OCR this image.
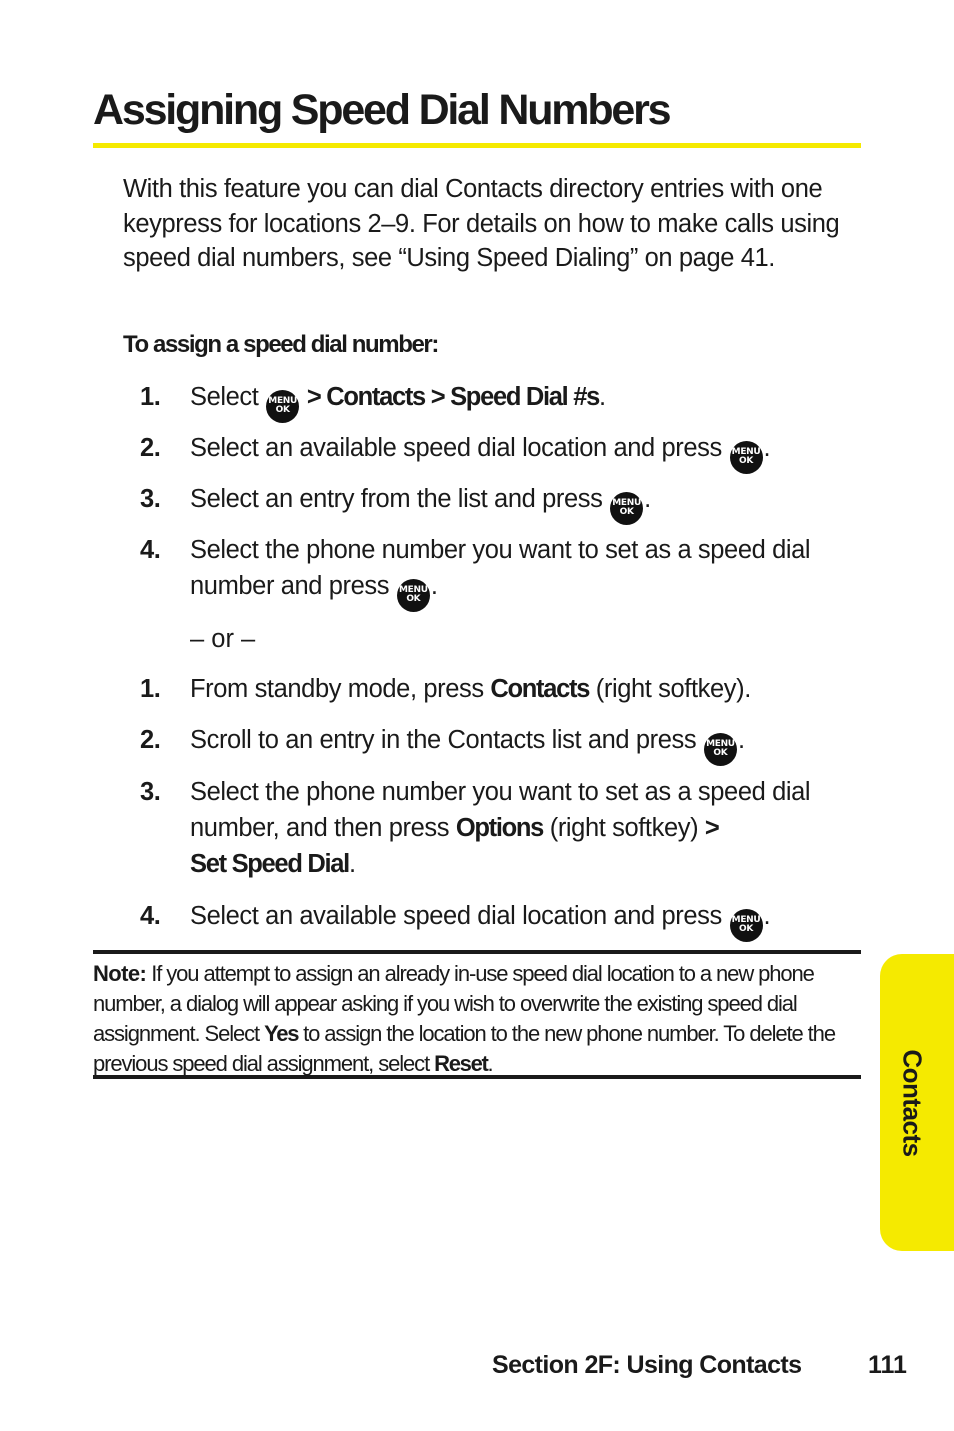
Assigning Speed Dial Numbers

With this feature you can dial Contacts directory entries with one keypress for locations 2–9. For details on how to make calls using speed dial numbers, see “Using Speed Dialing” on page 41.

To assign a speed dial number:

1. Select MENU
OK > Contacts > Speed Dial #s.
2. Select an available speed dial location and press MENU
OK .
3. Select an entry from the list and press MENU
OK .
4. Select the phone number you want to set as a speed dial number and press MENU
OK .
– or –
1. From standby mode, press Contacts (right softkey).
2. Scroll to an entry in the Contacts list and press MENU
OK .
3. Select the phone number you want to set as a speed dial number, and then press Options (right softkey) >
Set Speed Dial.
4. Select an available speed dial location and press MENU
OK .

Note: If you attempt to assign an already in-use speed dial location to a new phone number, a dialog will appear asking if you wish to overwrite the existing speed dial assignment. Select Yes to assign the location to the new phone number. To delete the previous speed dial assignment, select Reset.	Contacts
Section 2F: Using Contacts	111
